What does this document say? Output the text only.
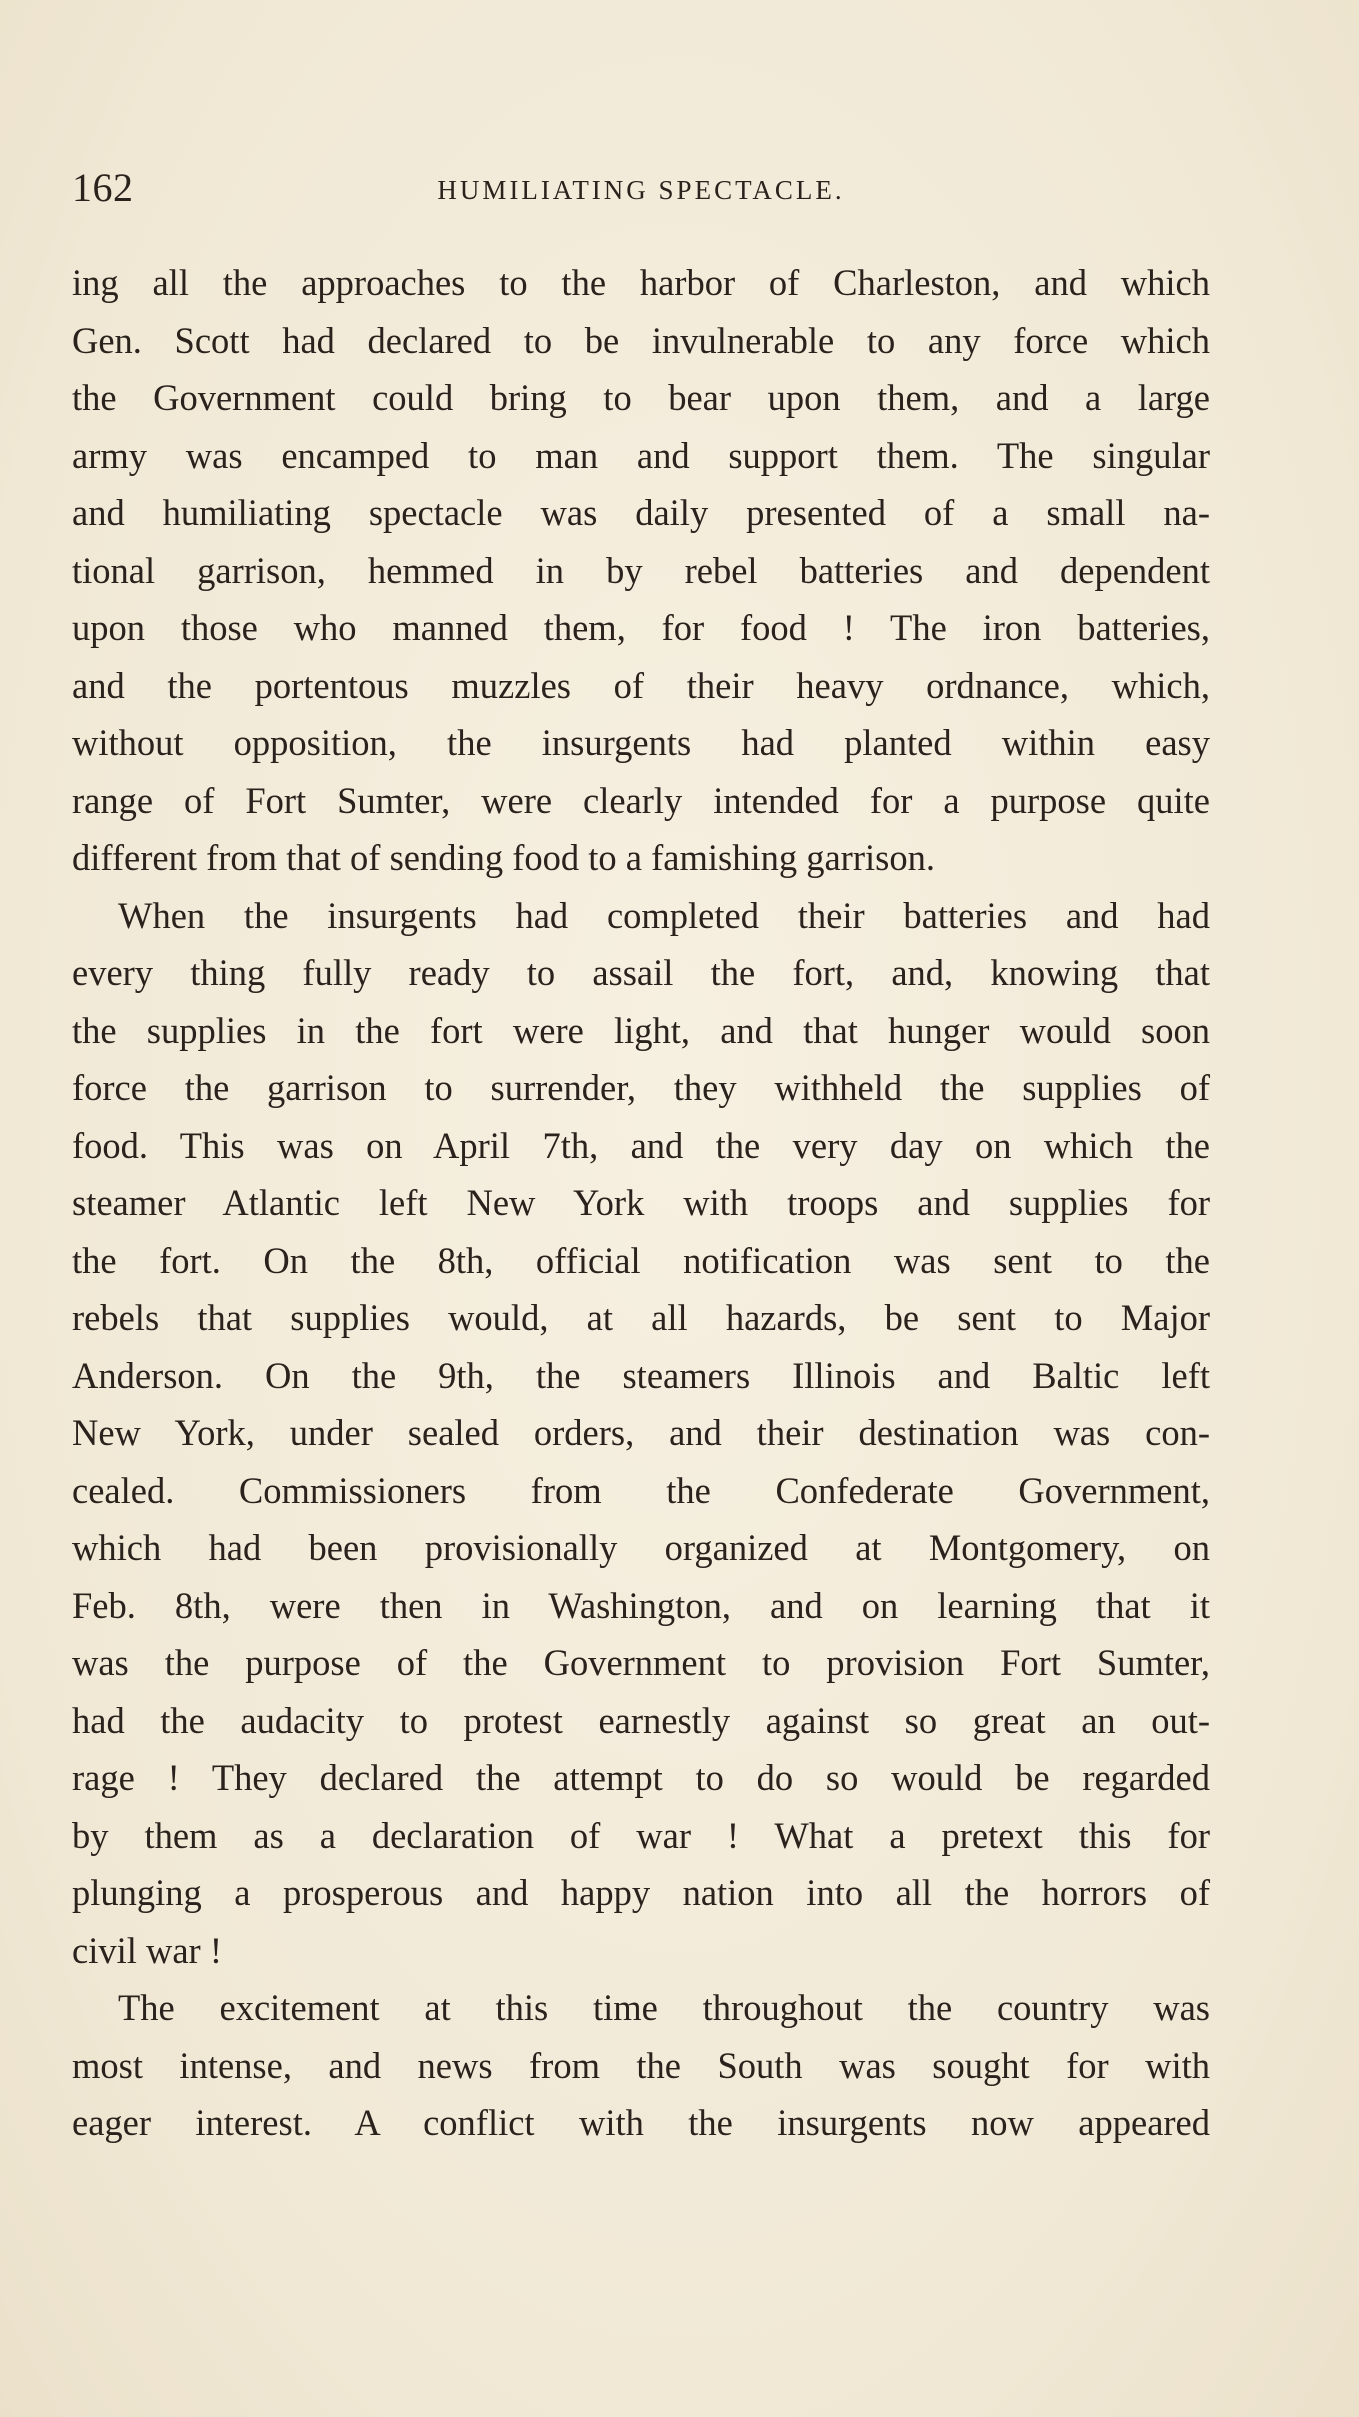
162	HUMILIATING SPECTACLE.
ing all the approaches to the harbor of Charleston, and which
Gen. Scott had declared to be invulnerable to any force which
the Government could bring to bear upon them, and a large
army was encamped to man and support them. The singular
and humiliating spectacle was daily presented of a small na-
tional garrison, hemmed in by rebel batteries and dependent
upon those who manned them, for food ! The iron batteries,
and the portentous muzzles of their heavy ordnance, which,
without opposition, the insurgents had planted within easy
range of Fort Sumter, were clearly intended for a purpose quite
different from that of sending food to a famishing garrison.
When the insurgents had completed their batteries and had
every thing fully ready to assail the fort, and, knowing that
the supplies in the fort were light, and that hunger would soon
force the garrison to surrender, they withheld the supplies of
food. This was on April 7th, and the very day on which the
steamer Atlantic left New York with troops and supplies for
the fort. On the 8th, official notification was sent to the
rebels that supplies would, at all hazards, be sent to Major
Anderson. On the 9th, the steamers Illinois and Baltic left
New York, under sealed orders, and their destination was con-
cealed. Commissioners from the Confederate Government,
which had been provisionally organized at Montgomery, on
Feb. 8th, were then in Washington, and on learning that it
was the purpose of the Government to provision Fort Sumter,
had the audacity to protest earnestly against so great an out-
rage ! They declared the attempt to do so would be regarded
by them as a declaration of war ! What a pretext this for
plunging a prosperous and happy nation into all the horrors of
civil war !
The excitement at this time throughout the country was
most intense, and news from the South was sought for with
eager interest. A conflict with the insurgents now appeared
